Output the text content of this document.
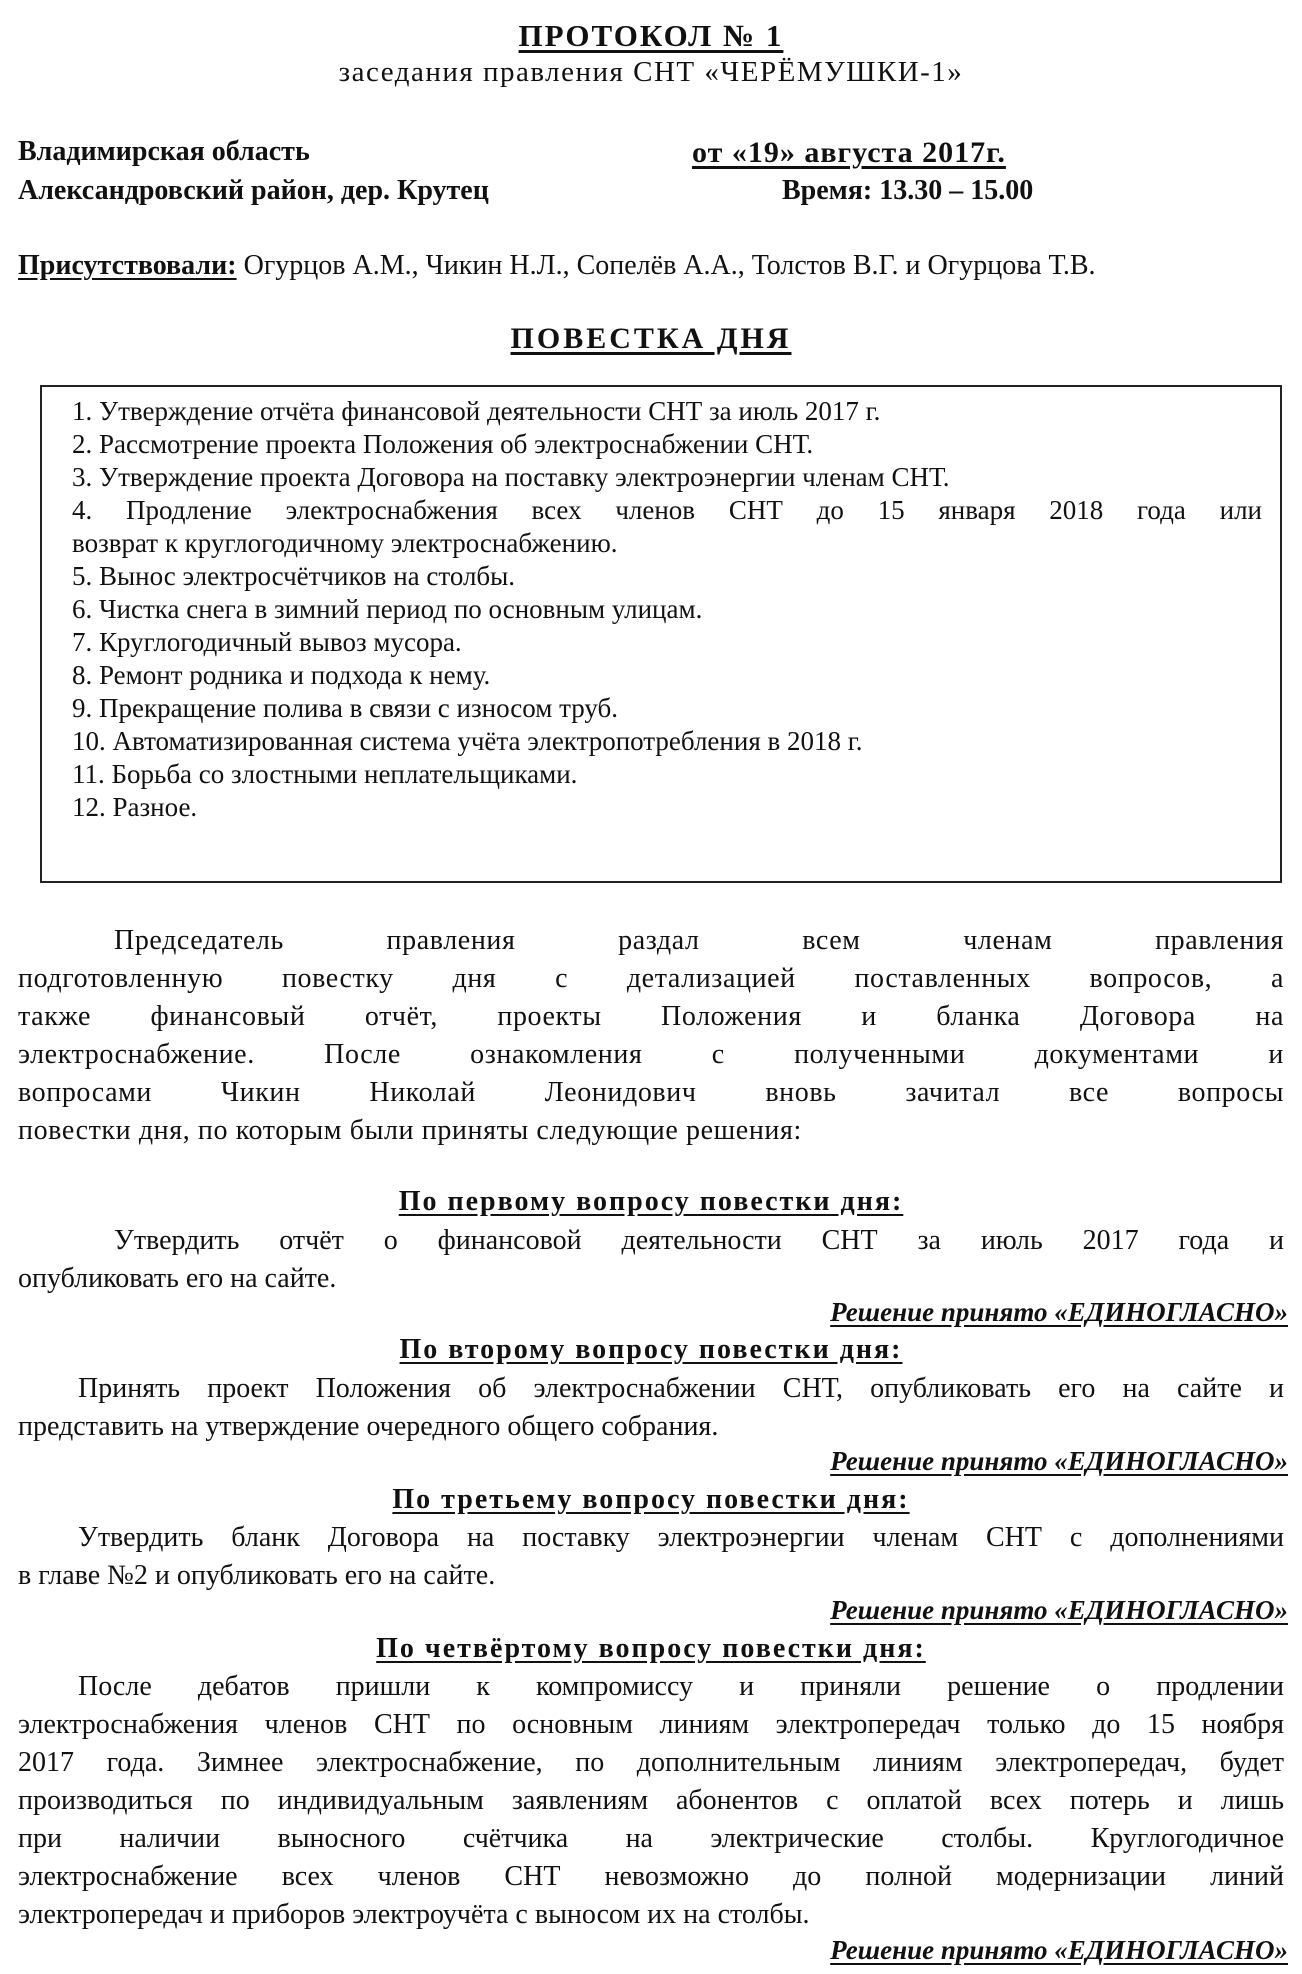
ПРОТОКОЛ № 1
заседания правления СНТ «ЧЕРЁМУШКИ-1»
Владимирская область
Александровский район, дер. Крутец
от «19» августа 2017г.
Время: 13.30 – 15.00
Присутствовали: Огурцов А.М., Чикин Н.Л., Сопелёв А.А., Толстов В.Г. и Огурцова Т.В.
ПОВЕСТКА ДНЯ

1. Утверждение отчёта финансовой деятельности СНТ за июль 2017 г.

2. Рассмотрение проекта Положения об электроснабжении СНТ.

3. Утверждение проекта Договора на поставку электроэнергии членам СНТ.

4. Продление электроснабжения всех членов СНТ до 15 января 2018 года или

возврат к круглогодичному электроснабжению.

5. Вынос электросчётчиков на столбы.

6. Чистка снега в зимний период по основным улицам.

7. Круглогодичный вывоз мусора.

8. Ремонт родника и подхода к нему.

9. Прекращение полива в связи с износом труб.

10. Автоматизированная система учёта электропотребления в 2018 г.

11. Борьба со злостными неплательщиками.

12. Разное.

Председатель правления раздал всем членам правления

подготовленную повестку дня с детализацией поставленных вопросов, а

также финансовый отчёт, проекты Положения и бланка Договора на

электроснабжение. После ознакомления с полученными документами и

вопросами Чикин Николай Леонидович вновь зачитал все вопросы

повестки дня, по которым были приняты следующие решения:

По первому вопросу повестки дня:

Утвердить отчёт о финансовой деятельности СНТ за июль 2017 года и

опубликовать его на сайте.

Решение принято «ЕДИНОГЛАСНО»
По второму вопросу повестки дня:

Принять проект Положения об электроснабжении СНТ, опубликовать его на сайте и

представить на утверждение очередного общего собрания.

Решение принято «ЕДИНОГЛАСНО»
По третьему вопросу повестки дня:

Утвердить бланк Договора на поставку электроэнергии членам СНТ с дополнениями

в главе №2 и опубликовать его на сайте.

Решение принято «ЕДИНОГЛАСНО»
По четвёртому вопросу повестки дня:

После дебатов пришли к компромиссу и приняли решение о продлении

электроснабжения членов СНТ по основным линиям электропередач только до 15 ноября

2017 года. Зимнее электроснабжение, по дополнительным линиям электропередач, будет

производиться по индивидуальным заявлениям абонентов с оплатой всех потерь и лишь

при наличии выносного счётчика на электрические столбы. Круглогодичное

электроснабжение всех членов СНТ невозможно до полной модернизации линий

электропередач и приборов электроучёта с выносом их на столбы.

Решение принято «ЕДИНОГЛАСНО»
